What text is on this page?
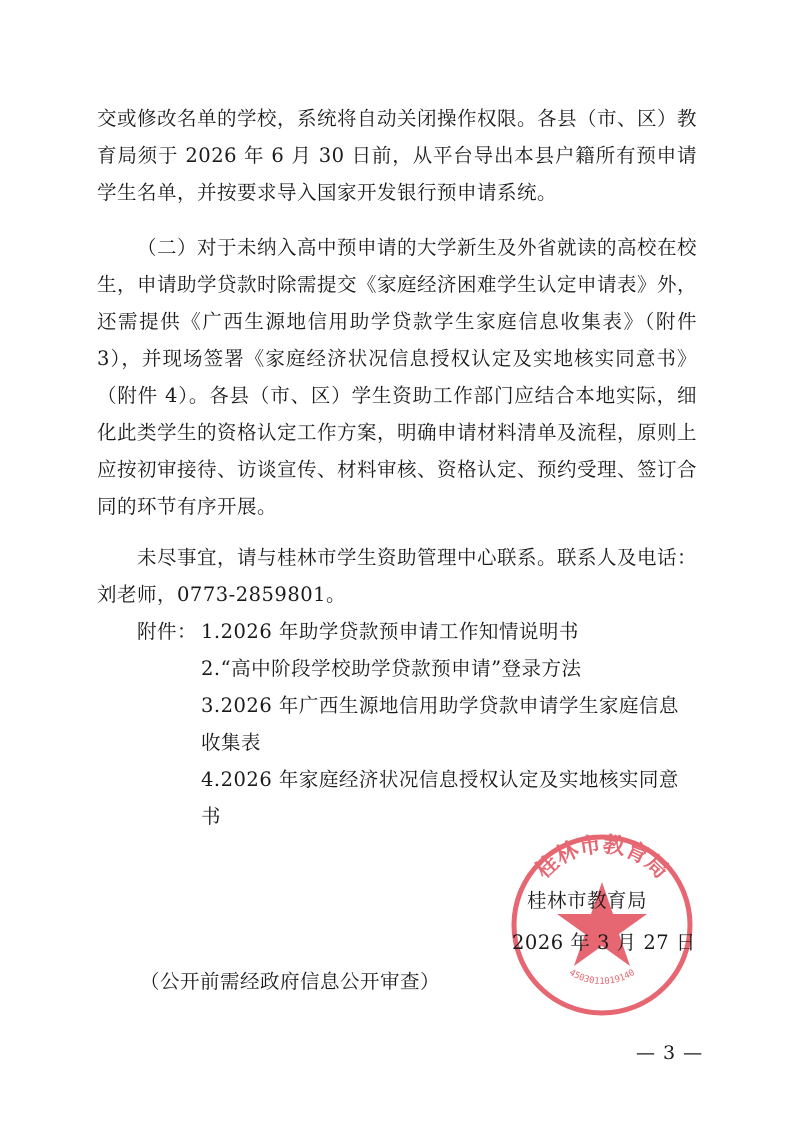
交或修改名单的学校，系统将自动关闭操作权限。各县（市、区）教育局须于 2026 年 6 月 30 日前，从平台导出本县户籍所有预申请学生名单，并按要求导入国家开发银行预申请系统。

（二）对于未纳入高中预申请的大学新生及外省就读的高校在校生，申请助学贷款时除需提交《家庭经济困难学生认定申请表》外，还需提供《广西生源地信用助学贷款学生家庭信息收集表》（附件 3），并现场签署《家庭经济状况信息授权认定及实地核实同意书》（附件 4）。各县（市、区）学生资助工作部门应结合本地实际，细化此类学生的资格认定工作方案，明确申请材料清单及流程，原则上应按初审接待、访谈宣传、材料审核、资格认定、预约受理、签订合同的环节有序开展。

未尽事宜，请与桂林市学生资助管理中心联系。联系人及电话：刘老师，0773-2859801。

附件： 1.2026 年助学贷款预申请工作知情说明书
2.“高中阶段学校助学贷款预申请”登录方法
3.2026 年广西生源地信用助学贷款申请学生家庭信息收集表
4.2026 年家庭经济状况信息授权认定及实地核实同意书
桂林市教育局
4503011019140
桂林市教育局
2026 年 3 月 27 日
（公开前需经政府信息公开审查）
— 3 —
